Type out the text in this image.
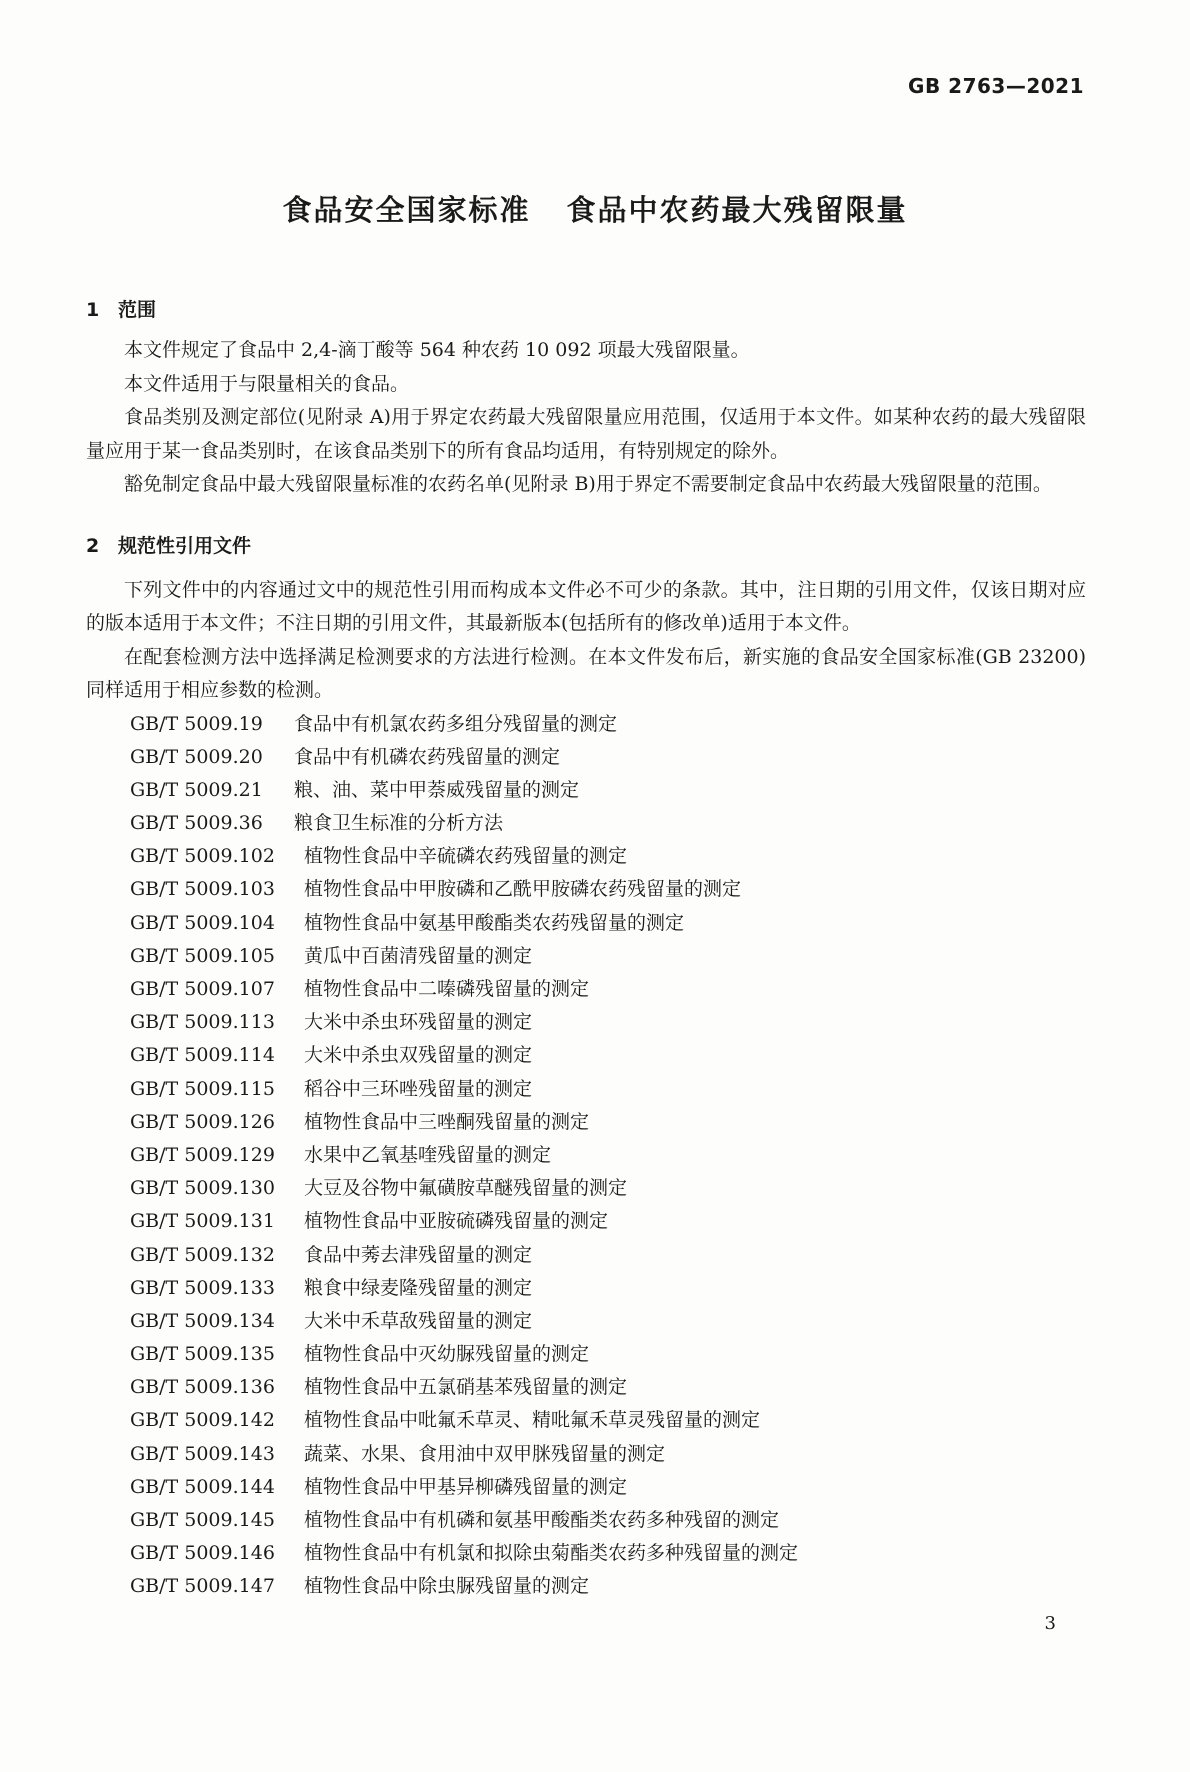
GB 2763—2021
食品安全国家标准 食品中农药最大残留限量
1 范围

本文件规定了食品中 2,4-滴丁酸等 564 种农药 10 092 项最大残留限量。

本文件适用于与限量相关的食品。

食品类别及测定部位(见附录 A)用于界定农药最大残留限量应用范围，仅适用于本文件。如某种农药的最大残留限量应用于某一食品类别时，在该食品类别下的所有食品均适用，有特别规定的除外。

豁免制定食品中最大残留限量标准的农药名单(见附录 B)用于界定不需要制定食品中农药最大残留限量的范围。

2 规范性引用文件

下列文件中的内容通过文中的规范性引用而构成本文件必不可少的条款。其中，注日期的引用文件，仅该日期对应的版本适用于本文件；不注日期的引用文件，其最新版本(包括所有的修改单)适用于本文件。

在配套检测方法中选择满足检测要求的方法进行检测。在本文件发布后，新实施的食品安全国家标准(GB 23200)同样适用于相应参数的检测。

GB/T 5009.19 食品中有机氯农药多组分残留量的测定
GB/T 5009.20 食品中有机磷农药残留量的测定
GB/T 5009.21 粮、油、菜中甲萘威残留量的测定
GB/T 5009.36 粮食卫生标准的分析方法
GB/T 5009.102 植物性食品中辛硫磷农药残留量的测定
GB/T 5009.103 植物性食品中甲胺磷和乙酰甲胺磷农药残留量的测定
GB/T 5009.104 植物性食品中氨基甲酸酯类农药残留量的测定
GB/T 5009.105 黄瓜中百菌清残留量的测定
GB/T 5009.107 植物性食品中二嗪磷残留量的测定
GB/T 5009.113 大米中杀虫环残留量的测定
GB/T 5009.114 大米中杀虫双残留量的测定
GB/T 5009.115 稻谷中三环唑残留量的测定
GB/T 5009.126 植物性食品中三唑酮残留量的测定
GB/T 5009.129 水果中乙氧基喹残留量的测定
GB/T 5009.130 大豆及谷物中氟磺胺草醚残留量的测定
GB/T 5009.131 植物性食品中亚胺硫磷残留量的测定
GB/T 5009.132 食品中莠去津残留量的测定
GB/T 5009.133 粮食中绿麦隆残留量的测定
GB/T 5009.134 大米中禾草敌残留量的测定
GB/T 5009.135 植物性食品中灭幼脲残留量的测定
GB/T 5009.136 植物性食品中五氯硝基苯残留量的测定
GB/T 5009.142 植物性食品中吡氟禾草灵、精吡氟禾草灵残留量的测定
GB/T 5009.143 蔬菜、水果、食用油中双甲脒残留量的测定
GB/T 5009.144 植物性食品中甲基异柳磷残留量的测定
GB/T 5009.145 植物性食品中有机磷和氨基甲酸酯类农药多种残留的测定
GB/T 5009.146 植物性食品中有机氯和拟除虫菊酯类农药多种残留量的测定
GB/T 5009.147 植物性食品中除虫脲残留量的测定
3
